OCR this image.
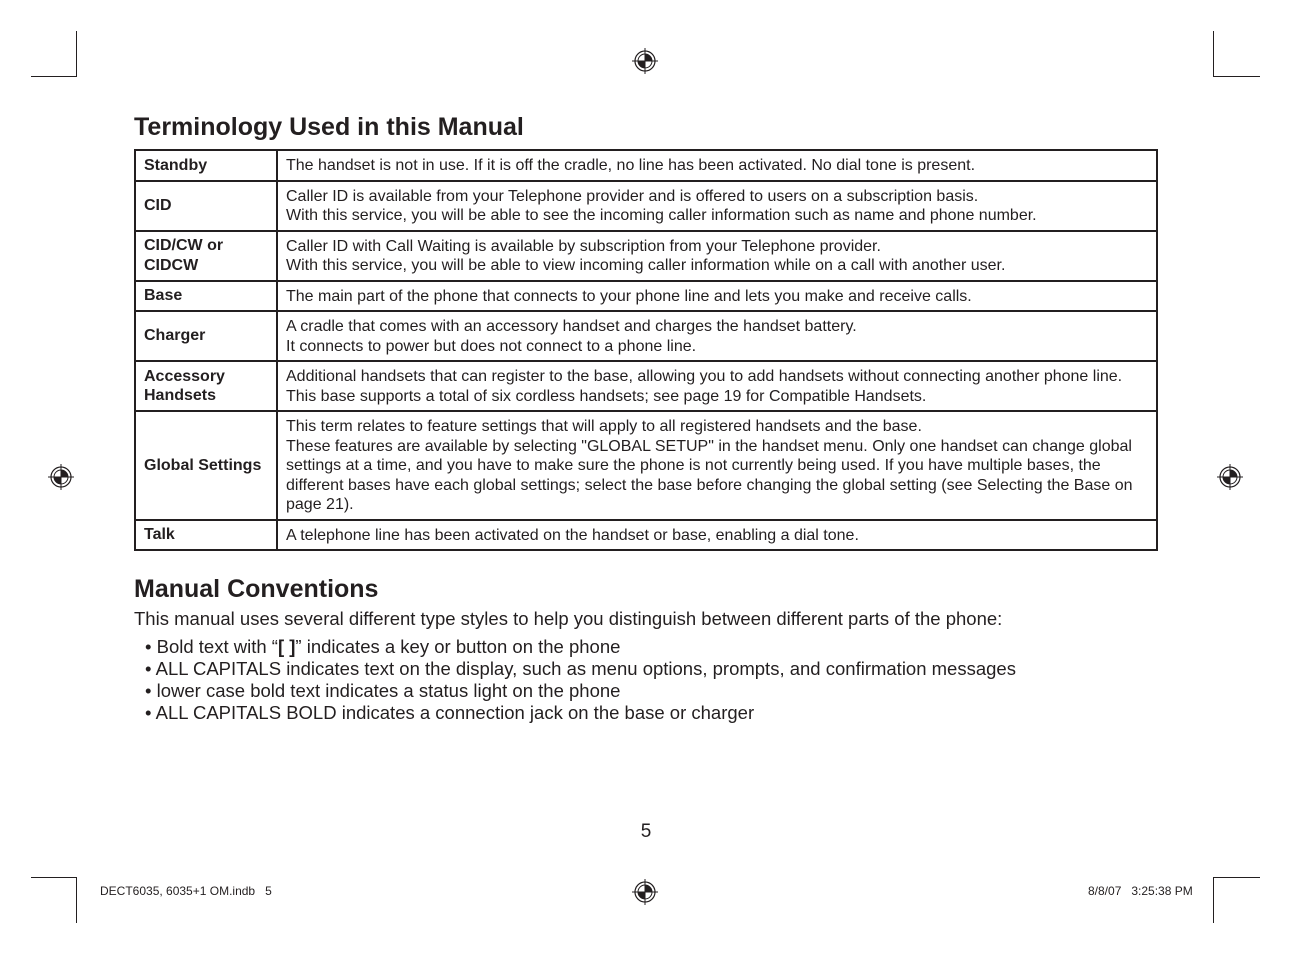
Terminology Used in this Manual
Standby	The handset is not in use. If it is off the cradle, no line has been activated. No dial tone is present.
CID	Caller ID is available from your Telephone provider and is offered to users on a subscription basis.
With this service, you will be able to see the incoming caller information such as name and phone number.
CID/CW or CIDCW	Caller ID with Call Waiting is available by subscription from your Telephone provider.
With this service, you will be able to view incoming caller information while on a call with another user.
Base	The main part of the phone that connects to your phone line and lets you make and receive calls.
Charger	A cradle that comes with an accessory handset and charges the handset battery.
It connects to power but does not connect to a phone line.
Accessory Handsets	Additional handsets that can register to the base, allowing you to add handsets without connecting another phone line. This base supports a total of six cordless handsets; see page 19 for Compatible Handsets.
Global Settings	This term relates to feature settings that will apply to all registered handsets and the base.
These features are available by selecting "GLOBAL SETUP" in the handset menu. Only one handset can change global settings at a time, and you have to make sure the phone is not currently being used. If you have multiple bases, the different bases have each global settings; select the base before changing the global setting (see Selecting the Base on page 21).
Talk	A telephone line has been activated on the handset or base, enabling a dial tone.
Manual Conventions

This manual uses several different type styles to help you distinguish between different parts of the phone:

• Bold text with “[ ]” indicates a key or button on the phone
• ALL CAPITALS indicates text on the display, such as menu options, prompts, and confirmation messages
• lower case bold text indicates a status light on the phone
• ALL CAPITALS BOLD indicates a connection jack on the base or charger
5
DECT6035, 6035+1 OM.indb   5	8/8/07   3:25:38 PM
